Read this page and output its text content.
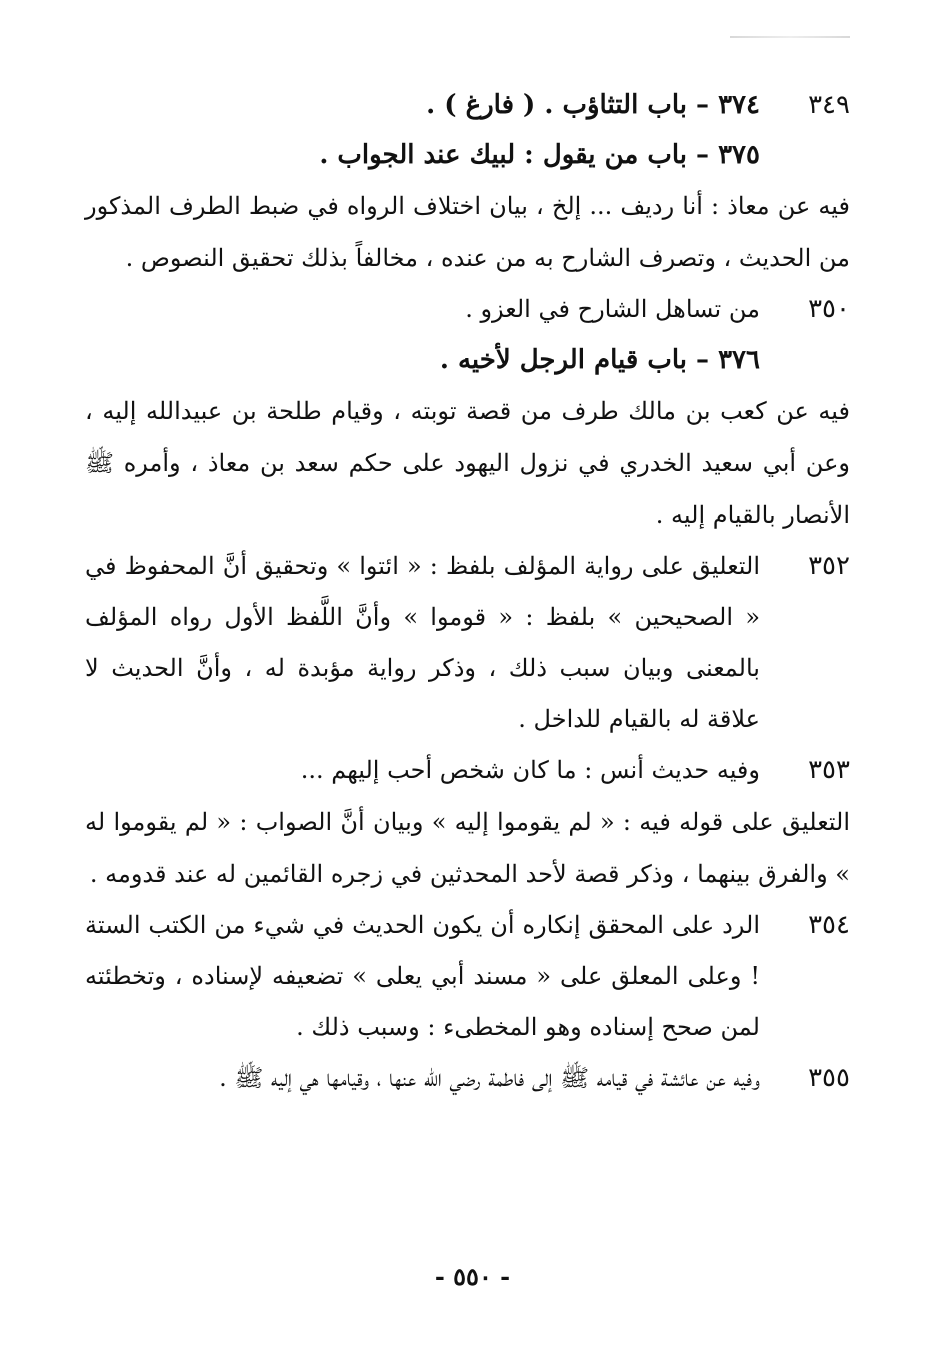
٣٤٩
٣٧٤ – باب التثاؤب . ( فارغ ) .
٣٧٥ – باب من يقول : لبيك عند الجواب .
فيه عن معاذ : أنا رديف ... إلخ ، بيان اختلاف الرواه في ضبط الطرف المذكور من الحديث ، وتصرف الشارح به من عنده ، مخالفاً بذلك تحقيق النصوص .
٣٥٠
من تساهل الشارح في العزو .
٣٧٦ – باب قيام الرجل لأخيه .
فيه عن كعب بن مالك طرف من قصة توبته ، وقيام طلحة بن عبيدالله إليه ، وعن أبي سعيد الخدري في نزول اليهود على حكم سعد بن معاذ ، وأمره ﷺ الأنصار بالقيام إليه .
٣٥٢
التعليق على رواية المؤلف بلفظ : « ائتوا » وتحقيق أنَّ المحفوظ في « الصحيحين » بلفظ : « قوموا » وأنَّ اللَّفظ الأول رواه المؤلف بالمعنى وبيان سبب ذلك ، وذكر رواية مؤبدة له ، وأنَّ الحديث لا علاقة له بالقيام للداخل .
٣٥٣
وفيه حديث أنس : ما كان شخص أحب إليهم ...
التعليق على قوله فيه : « لم يقوموا إليه » وبيان أنَّ الصواب : « لم يقوموا له » والفرق بينهما ، وذكر قصة لأحد المحدثين في زجره القائمين له عند قدومه .
٣٥٤
الرد على المحقق إنكاره أن يكون الحديث في شيء من الكتب الستة ! وعلى المعلق على « مسند أبي يعلى » تضعيفه لإسناده ، وتخطئته لمن صحح إسناده وهو المخطىء : وسبب ذلك .
٣٥٥
وفيه عن عائشة في قيامه ﷺ إلى فاطمة رضي الله عنها ، وقيامها هي إليه ﷺ .
- ٥٥٠ -
